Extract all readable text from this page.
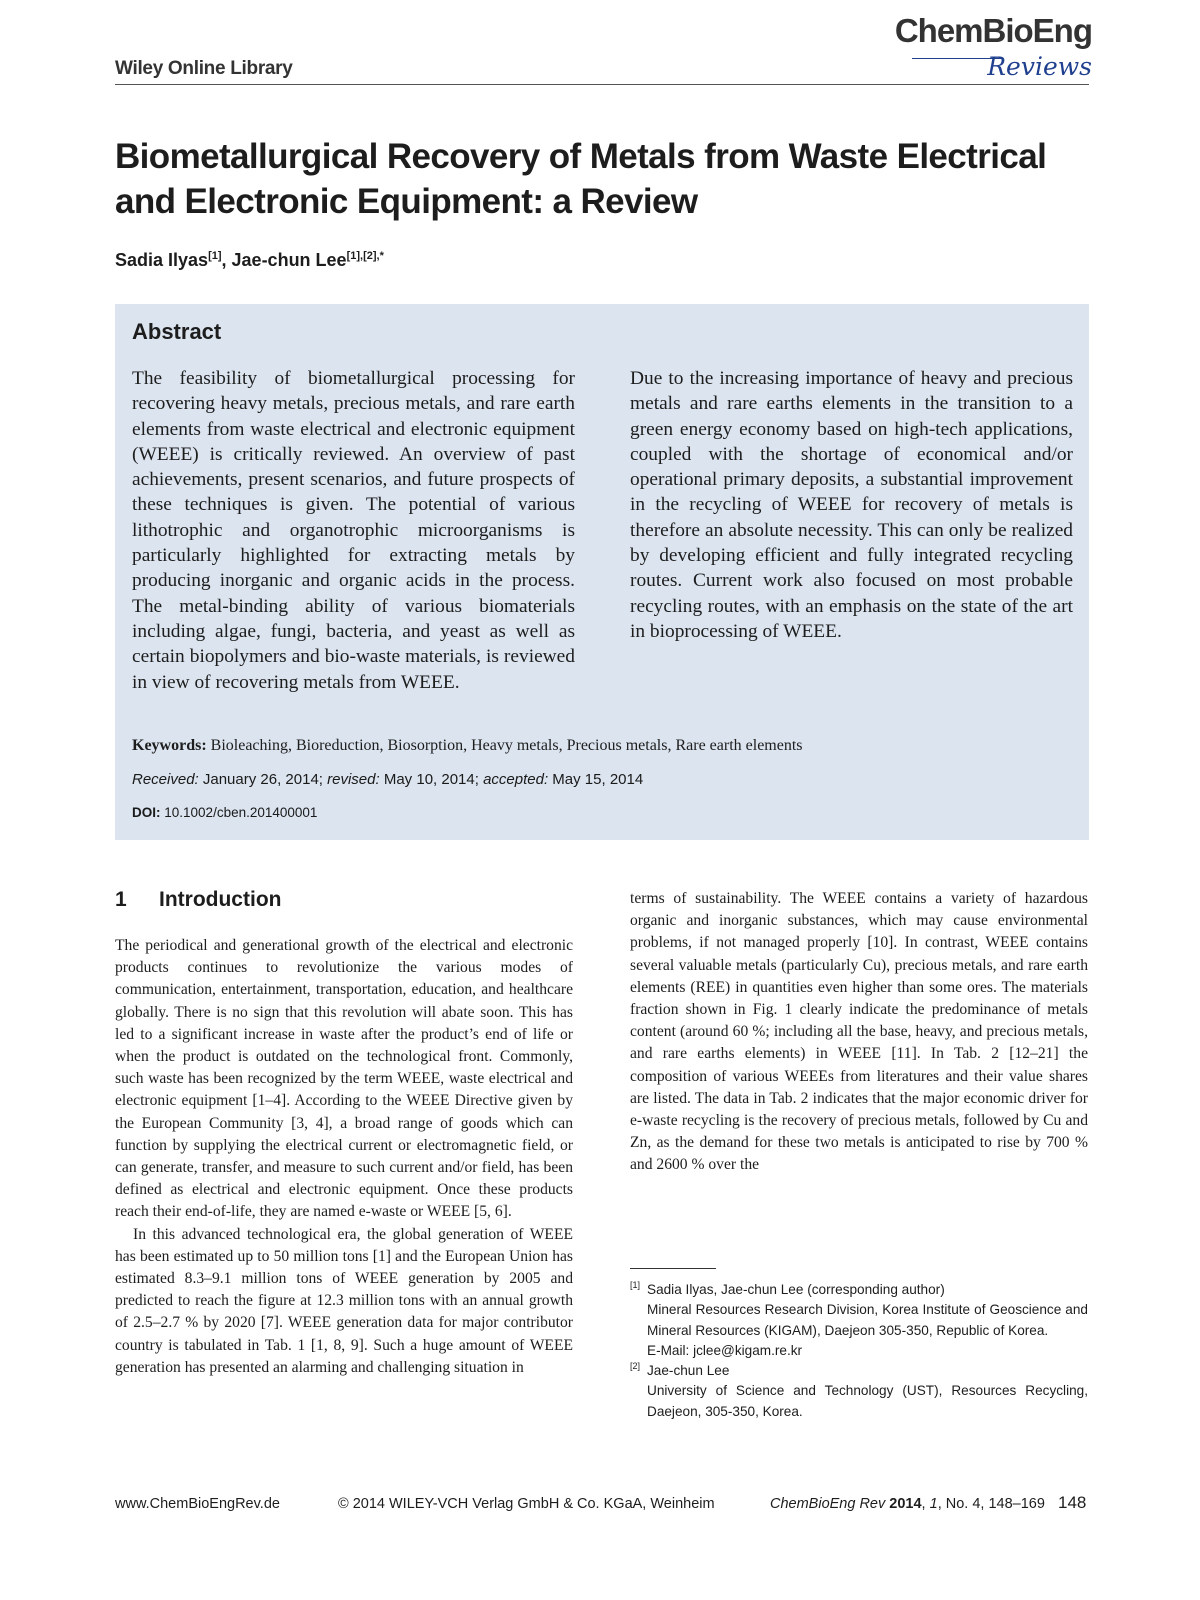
Wiley Online Library
ChemBioEng
Reviews
Biometallurgical Recovery of Metals from Waste Electrical and Electronic Equipment: a Review
Sadia Ilyas[1], Jae-chun Lee$^{[1],[2],*}$
Abstract
The feasibility of biometallurgical processing for recovering heavy metals, precious metals, and rare earth elements from waste electrical and electronic equipment (WEEE) is critically reviewed. An overview of past achievements, present scenarios, and future prospects of these techniques is given. The potential of various lithotrophic and organotrophic microorganisms is particularly highlighted for extracting metals by producing inorganic and organic acids in the process. The metal-binding ability of various biomaterials including algae, fungi, bacteria, and yeast as well as certain biopolymers and bio-waste materials, is reviewed in view of recovering metals from WEEE.
Due to the increasing importance of heavy and precious metals and rare earths elements in the transition to a green energy economy based on high-tech applications, coupled with the shortage of economical and/or operational primary deposits, a substantial improvement in the recycling of WEEE for recovery of metals is therefore an absolute necessity. This can only be realized by developing efficient and fully integrated recycling routes. Current work also focused on most probable recycling routes, with an emphasis on the state of the art in bioprocessing of WEEE.
Keywords: Bioleaching, Bioreduction, Biosorption, Heavy metals, Precious metals, Rare earth elements
Received: January 26, 2014; revised: May 10, 2014; accepted: May 15, 2014
DOI: 10.1002/cben.201400001
1 Introduction

The periodical and generational growth of the electrical and electronic products continues to revolutionize the various modes of communication, entertainment, transportation, education, and healthcare globally. There is no sign that this revolution will abate soon. This has led to a significant increase in waste after the product’s end of life or when the product is outdated on the technological front. Commonly, such waste has been recognized by the term WEEE, waste electrical and electronic equipment [1–4]. According to the WEEE Directive given by the European Community [3, 4], a broad range of goods which can function by supplying the electrical current or electromagnetic field, or can generate, transfer, and measure to such current and/or field, has been defined as electrical and electronic equipment. Once these products reach their end-of-life, they are named e-waste or WEEE [5, 6].

In this advanced technological era, the global generation of WEEE has been estimated up to 50 million tons [1] and the European Union has estimated 8.3–9.1 million tons of WEEE generation by 2005 and predicted to reach the figure at 12.3 million tons with an annual growth of 2.5–2.7 % by 2020 [7]. WEEE generation data for major contributor country is tabulated in Tab. 1 [1, 8, 9]. Such a huge amount of WEEE generation has presented an alarming and challenging situation in

terms of sustainability. The WEEE contains a variety of hazardous organic and inorganic substances, which may cause environmental problems, if not managed properly [10]. In contrast, WEEE contains several valuable metals (particularly Cu), precious metals, and rare earth elements (REE) in quantities even higher than some ores. The materials fraction shown in Fig. 1 clearly indicate the predominance of metals content (around 60 %; including all the base, heavy, and precious metals, and rare earths elements) in WEEE [11]. In Tab. 2 [12–21] the composition of various WEEEs from literatures and their value shares are listed. The data in Tab. 2 indicates that the major economic driver for e-waste recycling is the recovery of precious metals, followed by Cu and Zn, as the demand for these two metals is anticipated to rise by 700 % and 2600 % over the

[1] Sadia Ilyas, Jae-chun Lee (corresponding author)
Mineral Resources Research Division, Korea Institute of Geoscience and Mineral Resources (KIGAM), Daejeon 305-350, Republic of Korea.
E-Mail: jclee@kigam.re.kr
[2] Jae-chun Lee
University of Science and Technology (UST), Resources Recycling, Daejeon, 305-350, Korea.
www.ChemBioEngRev.de	© 2014 WILEY-VCH Verlag GmbH & Co. KGaA, Weinheim	ChemBioEng Rev 2014, 1, No. 4, 148–169 148
